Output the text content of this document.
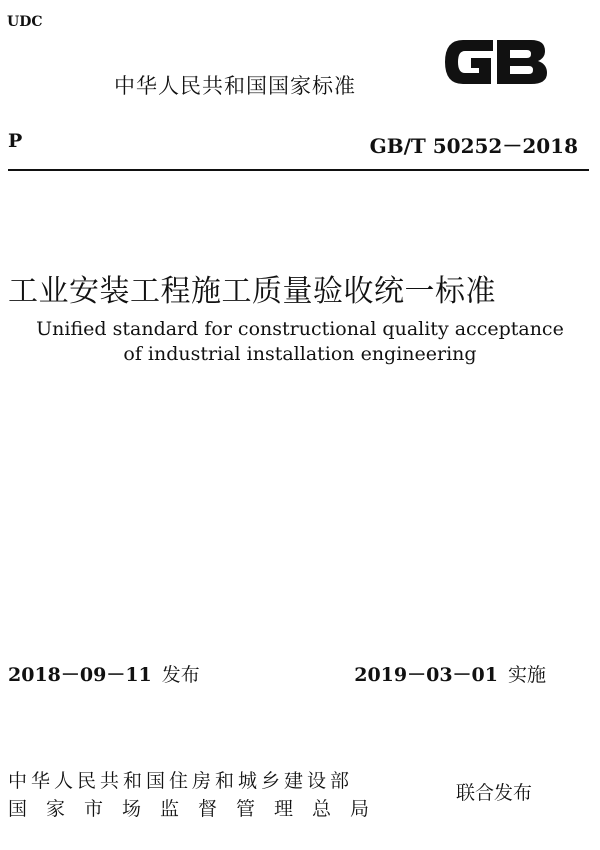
UDC
中华人民共和国国家标准
P	GB/T 50252－2018
工业安装工程施工质量验收统一标准
Unified standard for constructional quality acceptance
of industrial installation engineering
2018－09－11 发布	2019－03－01 实施
中华人民共和国住房和城乡建设部
国家市场监督管理总局
联合发布
